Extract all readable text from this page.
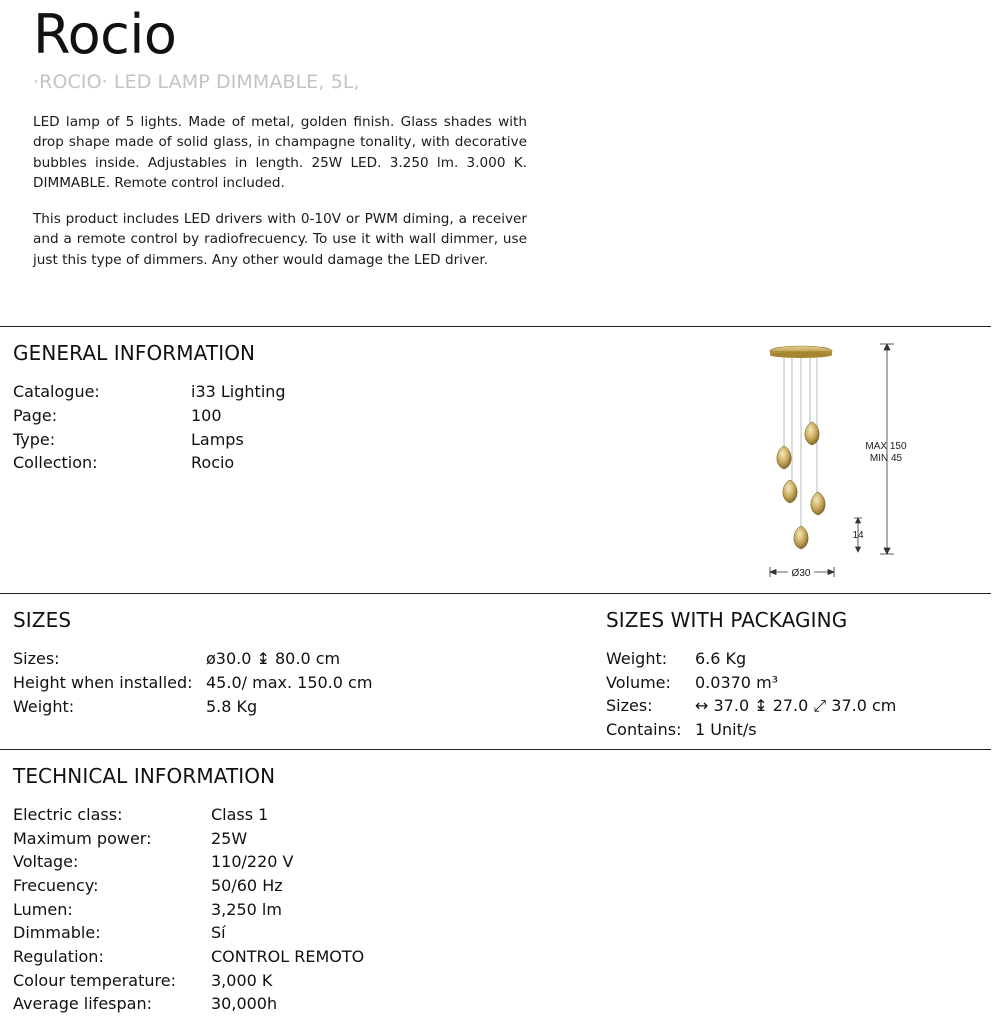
Rocio
·ROCIO· LED LAMP DIMMABLE, 5L,

LED lamp of 5 lights. Made of metal, golden finish. Glass shades with drop shape made of solid glass, in champagne tonality, with decorative bubbles inside. Adjustables in length. 25W LED. 3.250 lm. 3.000 K. DIMMABLE. Remote control included.

This product includes LED drivers with 0-10V or PWM diming, a receiver and a remote control by radiofrecuency. To use it with wall dimmer, use just this type of dimmers. Any other would damage the LED driver.

GENERAL INFORMATION
Catalogue:	i33 Lighting
Page:	100
Type:	Lamps
Collection:	Rocio
MAX 150
MIN 45
14
Ø30
SIZES
Sizes:	ø30.0 ↨ 80.0 cm
Height when installed: 45.0/ max. 150.0 cm
Weight:	5.8 Kg
SIZES WITH PACKAGING
Weight: 6.6 Kg
Volume: 0.0370 m³
Sizes:	↔ 37.0 ↨ 27.0 ⤢ 37.0 cm
Contains: 1 Unit/s
TECHNICAL INFORMATION
Electric class:	Class 1
Maximum power:	25W
Voltage:	110/220 V
Frecuency:	50/60 Hz
Lumen:	3,250 lm
Dimmable:	Sí
Regulation:	CONTROL REMOTO
Colour temperature: 3,000 K
Average lifespan:	30,000h
